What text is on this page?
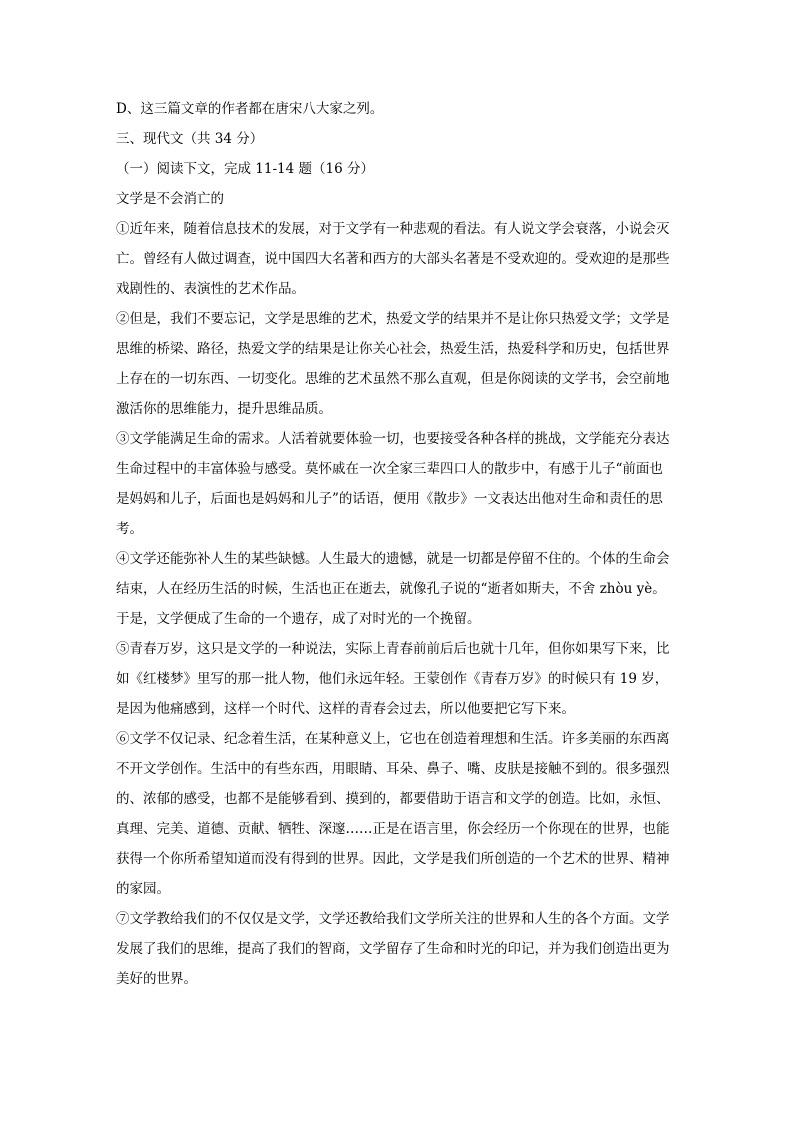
D、这三篇文章的作者都在唐宋八大家之列。
三、现代文（共 34 分）
（一）阅读下文，完成 11-14 题（16 分）
文学是不会消亡的
①近年来，随着信息技术的发展，对于文学有一种悲观的看法。有人说文学会衰落，小说会灭
亡。曾经有人做过调查，说中国四大名著和西方的大部头名著是不受欢迎的。受欢迎的是那些
戏剧性的、表演性的艺术作品。
②但是，我们不要忘记，文学是思维的艺术，热爱文学的结果并不是让你只热爱文学；文学是
思维的桥梁、路径，热爱文学的结果是让你关心社会，热爱生活，热爱科学和历史，包括世界
上存在的一切东西、一切变化。思维的艺术虽然不那么直观，但是你阅读的文学书，会空前地
激活你的思维能力，提升思维品质。
③文学能满足生命的需求。人活着就要体验一切，也要接受各种各样的挑战，文学能充分表达
生命过程中的丰富体验与感受。莫怀戚在一次全家三辈四口人的散步中，有感于儿子“前面也
是妈妈和儿子，后面也是妈妈和儿子”的话语，便用《散步》一文表达出他对生命和责任的思
考。
④文学还能弥补人生的某些缺憾。人生最大的遗憾，就是一切都是停留不住的。个体的生命会
结束，人在经历生活的时候，生活也正在逝去，就像孔子说的“逝者如斯夫，不舍 zhòu yè。
于是，文学便成了生命的一个遗存，成了对时光的一个挽留。
⑤青春万岁，这只是文学的一种说法，实际上青春前前后后也就十几年，但你如果写下来，比
如《红楼梦》里写的那一批人物，他们永远年轻。王蒙创作《青春万岁》的时候只有 19 岁，
是因为他痛感到，这样一个时代、这样的青春会过去，所以他要把它写下来。
⑥文学不仅记录、纪念着生活，在某种意义上，它也在创造着理想和生活。许多美丽的东西离
不开文学创作。生活中的有些东西，用眼睛、耳朵、鼻子、嘴、皮肤是接触不到的。很多强烈
的、浓郁的感受，也都不是能够看到、摸到的，都要借助于语言和文学的创造。比如，永恒、
真理、完美、道德、贡献、牺牲、深邃……正是在语言里，你会经历一个你现在的世界，也能
获得一个你所希望知道而没有得到的世界。因此，文学是我们所创造的一个艺术的世界、精神
的家园。
⑦文学教给我们的不仅仅是文学，文学还教给我们文学所关注的世界和人生的各个方面。文学
发展了我们的思维，提高了我们的智商，文学留存了生命和时光的印记，并为我们创造出更为
美好的世界。
